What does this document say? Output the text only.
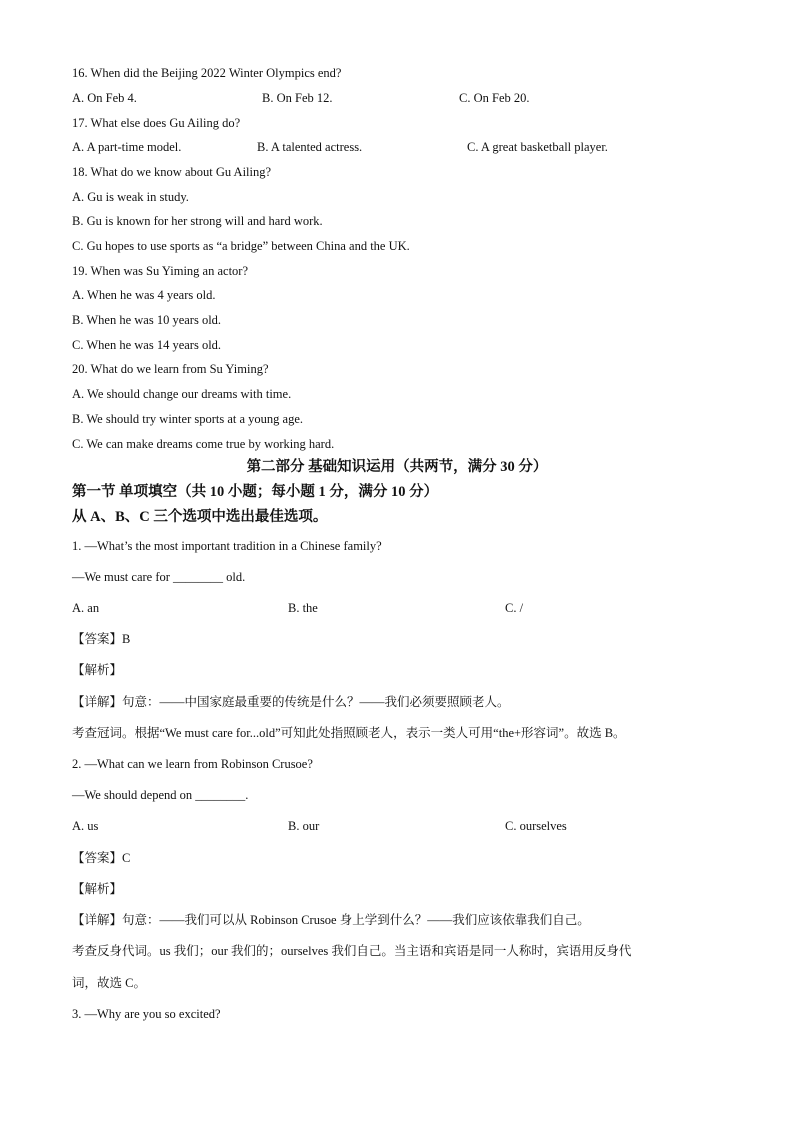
16. When did the Beijing 2022 Winter Olympics end?
A. On Feb 4.	B. On Feb 12.	C. On Feb 20.
17. What else does Gu Ailing do?
A. A part-time model.	B. A talented actress.	C. A great basketball player.
18. What do we know about Gu Ailing?
A. Gu is weak in study.
B. Gu is known for her strong will and hard work.
C. Gu hopes to use sports as “a bridge” between China and the UK.
19. When was Su Yiming an actor?
A. When he was 4 years old.
B. When he was 10 years old.
C. When he was 14 years old.
20. What do we learn from Su Yiming?
A. We should change our dreams with time.
B. We should try winter sports at a young age.
C. We can make dreams come true by working hard.
第二部分 基础知识运用（共两节，满分 30 分）
第一节 单项填空（共 10 小题；每小题 1 分，满分 10 分）
从 A、B、C 三个选项中选出最佳选项。
1. —What’s the most important tradition in a Chinese family?
—We must care for ________ old.
A. an	B. the	C. /
【答案】B
【解析】
【详解】句意：——中国家庭最重要的传统是什么？——我们必须要照顾老人。
考查冠词。根据“We must care for...old”可知此处指照顾老人，表示一类人可用“the+形容词”。故选 B。
2. —What can we learn from Robinson Crusoe?
—We should depend on ________.
A. us	B. our	C. ourselves
【答案】C
【解析】
【详解】句意：——我们可以从 Robinson Crusoe 身上学到什么？——我们应该依靠我们自己。
考查反身代词。us 我们；our 我们的；ourselves 我们自己。当主语和宾语是同一人称时，宾语用反身代
词，故选 C。
3. —Why are you so excited?
